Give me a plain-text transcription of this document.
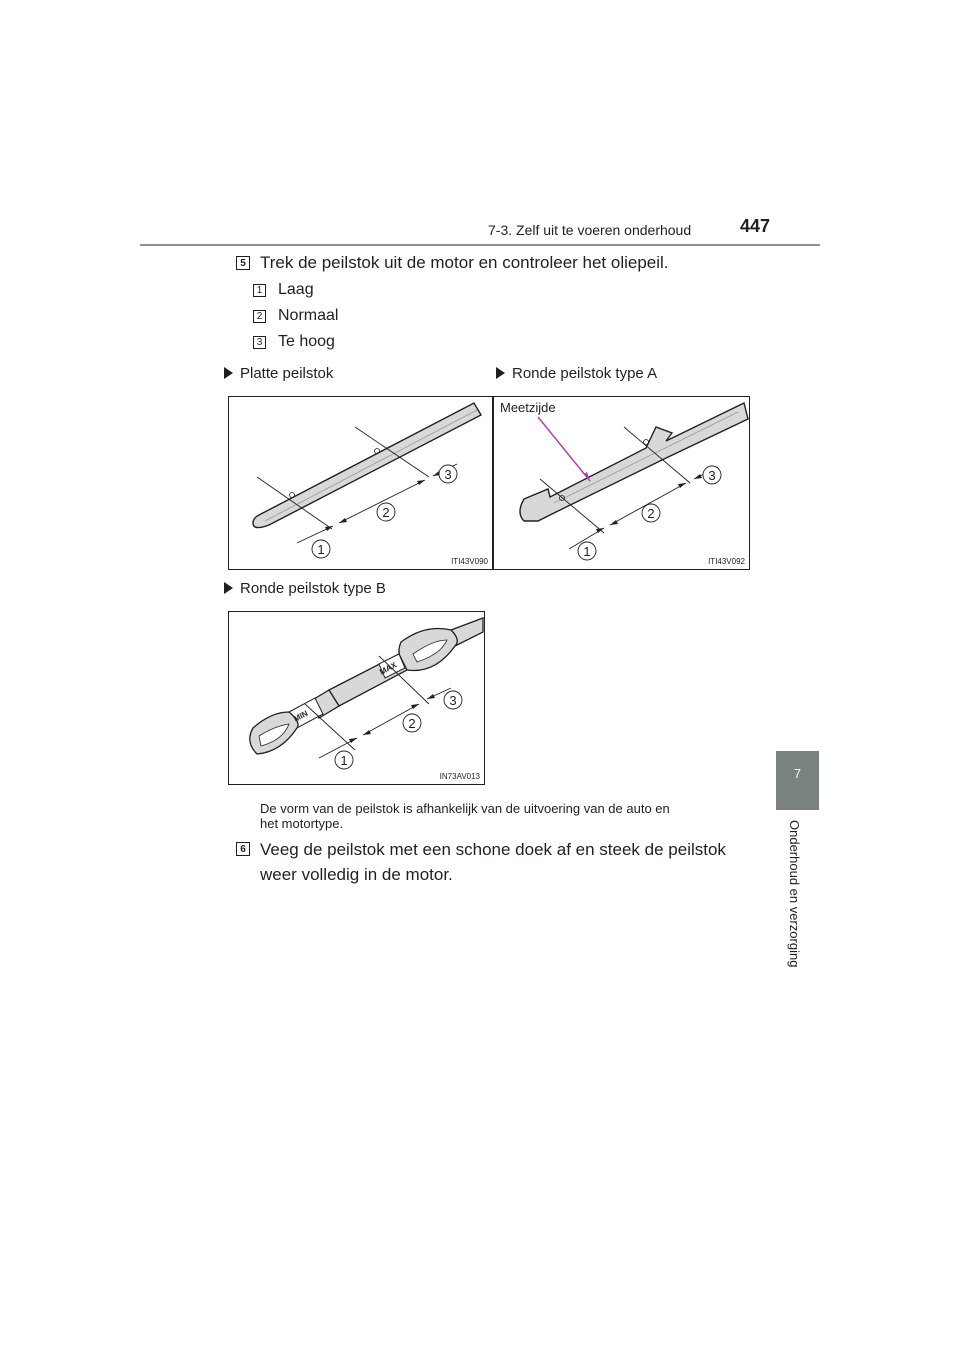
7-3. Zelf uit te voeren onderhoud	447
7
Onderhoud en verzorging
5 Trek de peilstok uit de motor en controleer het oliepeil.
1 Laag
2 Normaal
3 Te hoog
Platte peilstok	Ronde peilstok type A
1
2
3
ITI43V090
1
2
3
Meetzijde
ITI43V092
Ronde peilstok type B
1
2
3
MIN
MAX
IN73AV013
De vorm van de peilstok is afhankelijk van de uitvoering van de auto en
het motortype.
6 Veeg de peilstok met een schone doek af en steek de peilstok
weer volledig in de motor.
